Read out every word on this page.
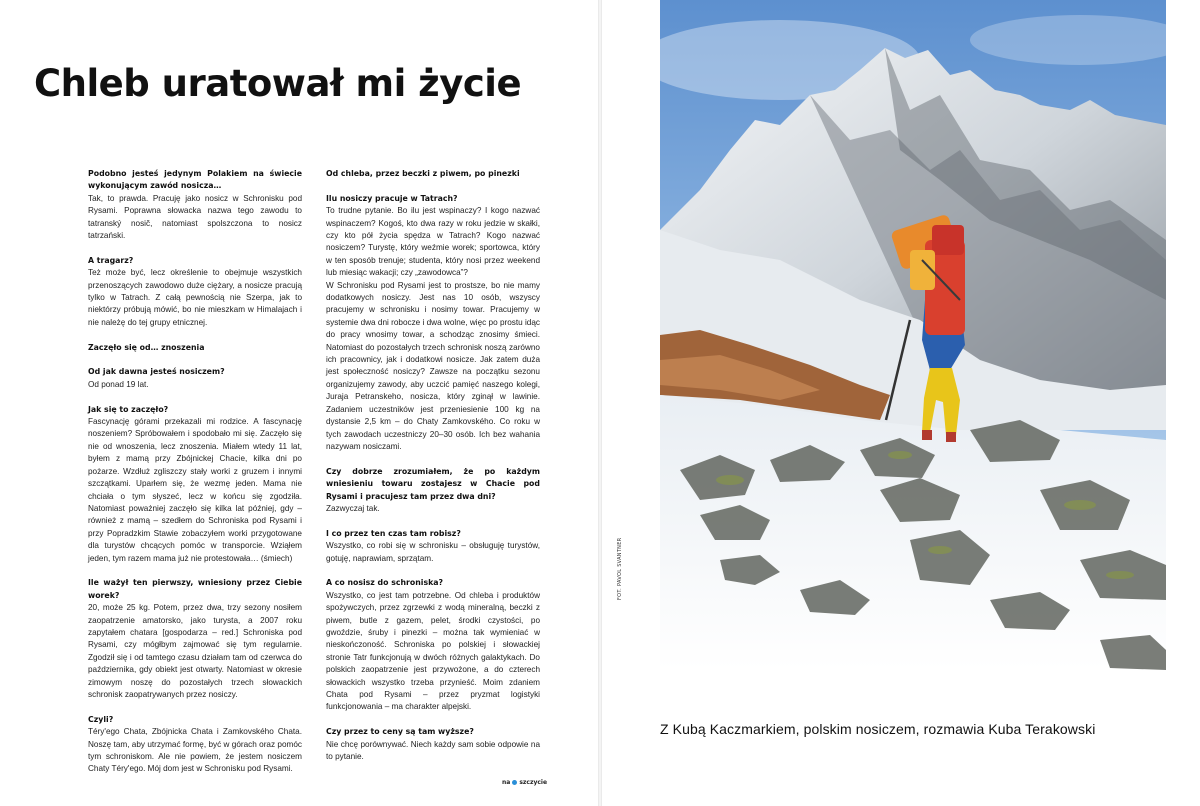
Chleb uratował mi życie

Podobno jesteś jedynym Polakiem na świecie wykonującym zawód nosicza…

Tak, to prawda. Pracuję jako nosicz w Schronisku pod Rysami. Poprawna słowacka nazwa tego zawodu to tatranský nosič, natomiast spolszczona to nosicz tatrzański.

A tragarz?

Też może być, lecz określenie to obejmuje wszystkich przenoszących zawodowo duże ciężary, a nosicze pracują tylko w Tatrach. Z całą pewnością nie Szerpa, jak to niektórzy próbują mówić, bo nie mieszkam w Himalajach i nie należę do tej grupy etnicznej.

Zaczęło się od… znoszenia

Od jak dawna jesteś nosiczem?

Od ponad 19 lat.

Jak się to zaczęło?

Fascynację górami przekazali mi rodzice. A fascynację noszeniem? Spróbowałem i spodobało mi się. Zaczęło się nie od wnoszenia, lecz znoszenia. Miałem wtedy 11 lat, byłem z mamą przy Zbójnickej Chacie, kilka dni po pożarze. Wzdłuż zgliszczy stały worki z gruzem i innymi szczątkami. Uparłem się, że wezmę jeden. Mama nie chciała o tym słyszeć, lecz w końcu się zgodziła. Natomiast poważniej zaczęło się kilka lat później, gdy – również z mamą – szedłem do Schroniska pod Rysami i przy Popradzkim Stawie zobaczyłem worki przygotowane dla turystów chcących pomóc w transporcie. Wziąłem jeden, tym razem mama już nie protestowała… (śmiech)

Ile ważył ten pierwszy, wniesiony przez Ciebie worek?

20, może 25 kg. Potem, przez dwa, trzy sezony nosiłem zaopatrzenie amatorsko, jako turysta, a 2007 roku zapytałem chatara [gospodarza – red.] Schroniska pod Rysami, czy mógłbym zajmować się tym regularnie. Zgodził się i od tamtego czasu działam tam od czerwca do października, gdy obiekt jest otwarty. Natomiast w okresie zimowym noszę do pozostałych trzech słowackich schronisk zaopatrywanych przez nosiczy.

Czyli?

Téry'ego Chata, Zbójnicka Chata i Zamkovského Chata. Noszę tam, aby utrzymać formę, być w górach oraz pomóc tym schroniskom. Ale nie powiem, że jestem nosiczem Chaty Téry'ego. Mój dom jest w Schronisku pod Rysami.

Od chleba, przez beczki z piwem, po pinezki

Ilu nosiczy pracuje w Tatrach?

To trudne pytanie. Bo ilu jest wspinaczy? I kogo nazwać wspinaczem? Kogoś, kto dwa razy w roku jedzie w skałki, czy kto pół życia spędza w Tatrach? Kogo nazwać nosiczem? Turystę, który weźmie worek; sportowca, który w ten sposób trenuje; studenta, który nosi przez weekend lub miesiąc wakacji; czy „zawodowca”?

W Schronisku pod Rysami jest to prostsze, bo nie mamy dodatkowych nosiczy. Jest nas 10 osób, wszyscy pracujemy w schronisku i nosimy towar. Pracujemy w systemie dwa dni robocze i dwa wolne, więc po prostu idąc do pracy wnosimy towar, a schodząc znosimy śmieci. Natomiast do pozostałych trzech schronisk noszą zarówno ich pracownicy, jak i dodatkowi nosicze. Jak zatem duża jest społeczność nosiczy? Zawsze na początku sezonu organizujemy zawody, aby uczcić pamięć naszego kolegi, Juraja Petranskeho, nosicza, który zginął w lawinie. Zadaniem uczestników jest przeniesienie 100 kg na dystansie 2,5 km – do Chaty Zamkovského. Co roku w tych zawodach uczestniczy 20–30 osób. Ich bez wahania nazywam nosiczami.

Czy dobrze zrozumiałem, że po każdym wniesieniu towaru zostajesz w Chacie pod Rysami i pracujesz tam przez dwa dni?

Zazwyczaj tak.

I co przez ten czas tam robisz?

Wszystko, co robi się w schronisku – obsługuję turystów, gotuję, naprawiam, sprzątam.

A co nosisz do schroniska?

Wszystko, co jest tam potrzebne. Od chleba i produktów spożywczych, przez zgrzewki z wodą mineralną, beczki z piwem, butle z gazem, pelet, środki czystości, po gwoździe, śruby i pinezki – można tak wymieniać w nieskończoność. Schroniska po polskiej i słowackiej stronie Tatr funkcjonują w dwóch różnych galaktykach. Do polskich zaopatrzenie jest przywożone, a do czterech słowackich wszystko trzeba przynieść. Moim zdaniem Chata pod Rysami – przez pryzmat logistyki funkcjonowania – ma charakter alpejski.

Czy przez to ceny są tam wyższe?

Nie chcę porównywać. Niech każdy sam sobie odpowie na to pytanie.

na szczycie
FOT. PAVOL SVANTNER
Z Kubą Kaczmarkiem, polskim nosiczem, rozmawia Kuba Terakowski
